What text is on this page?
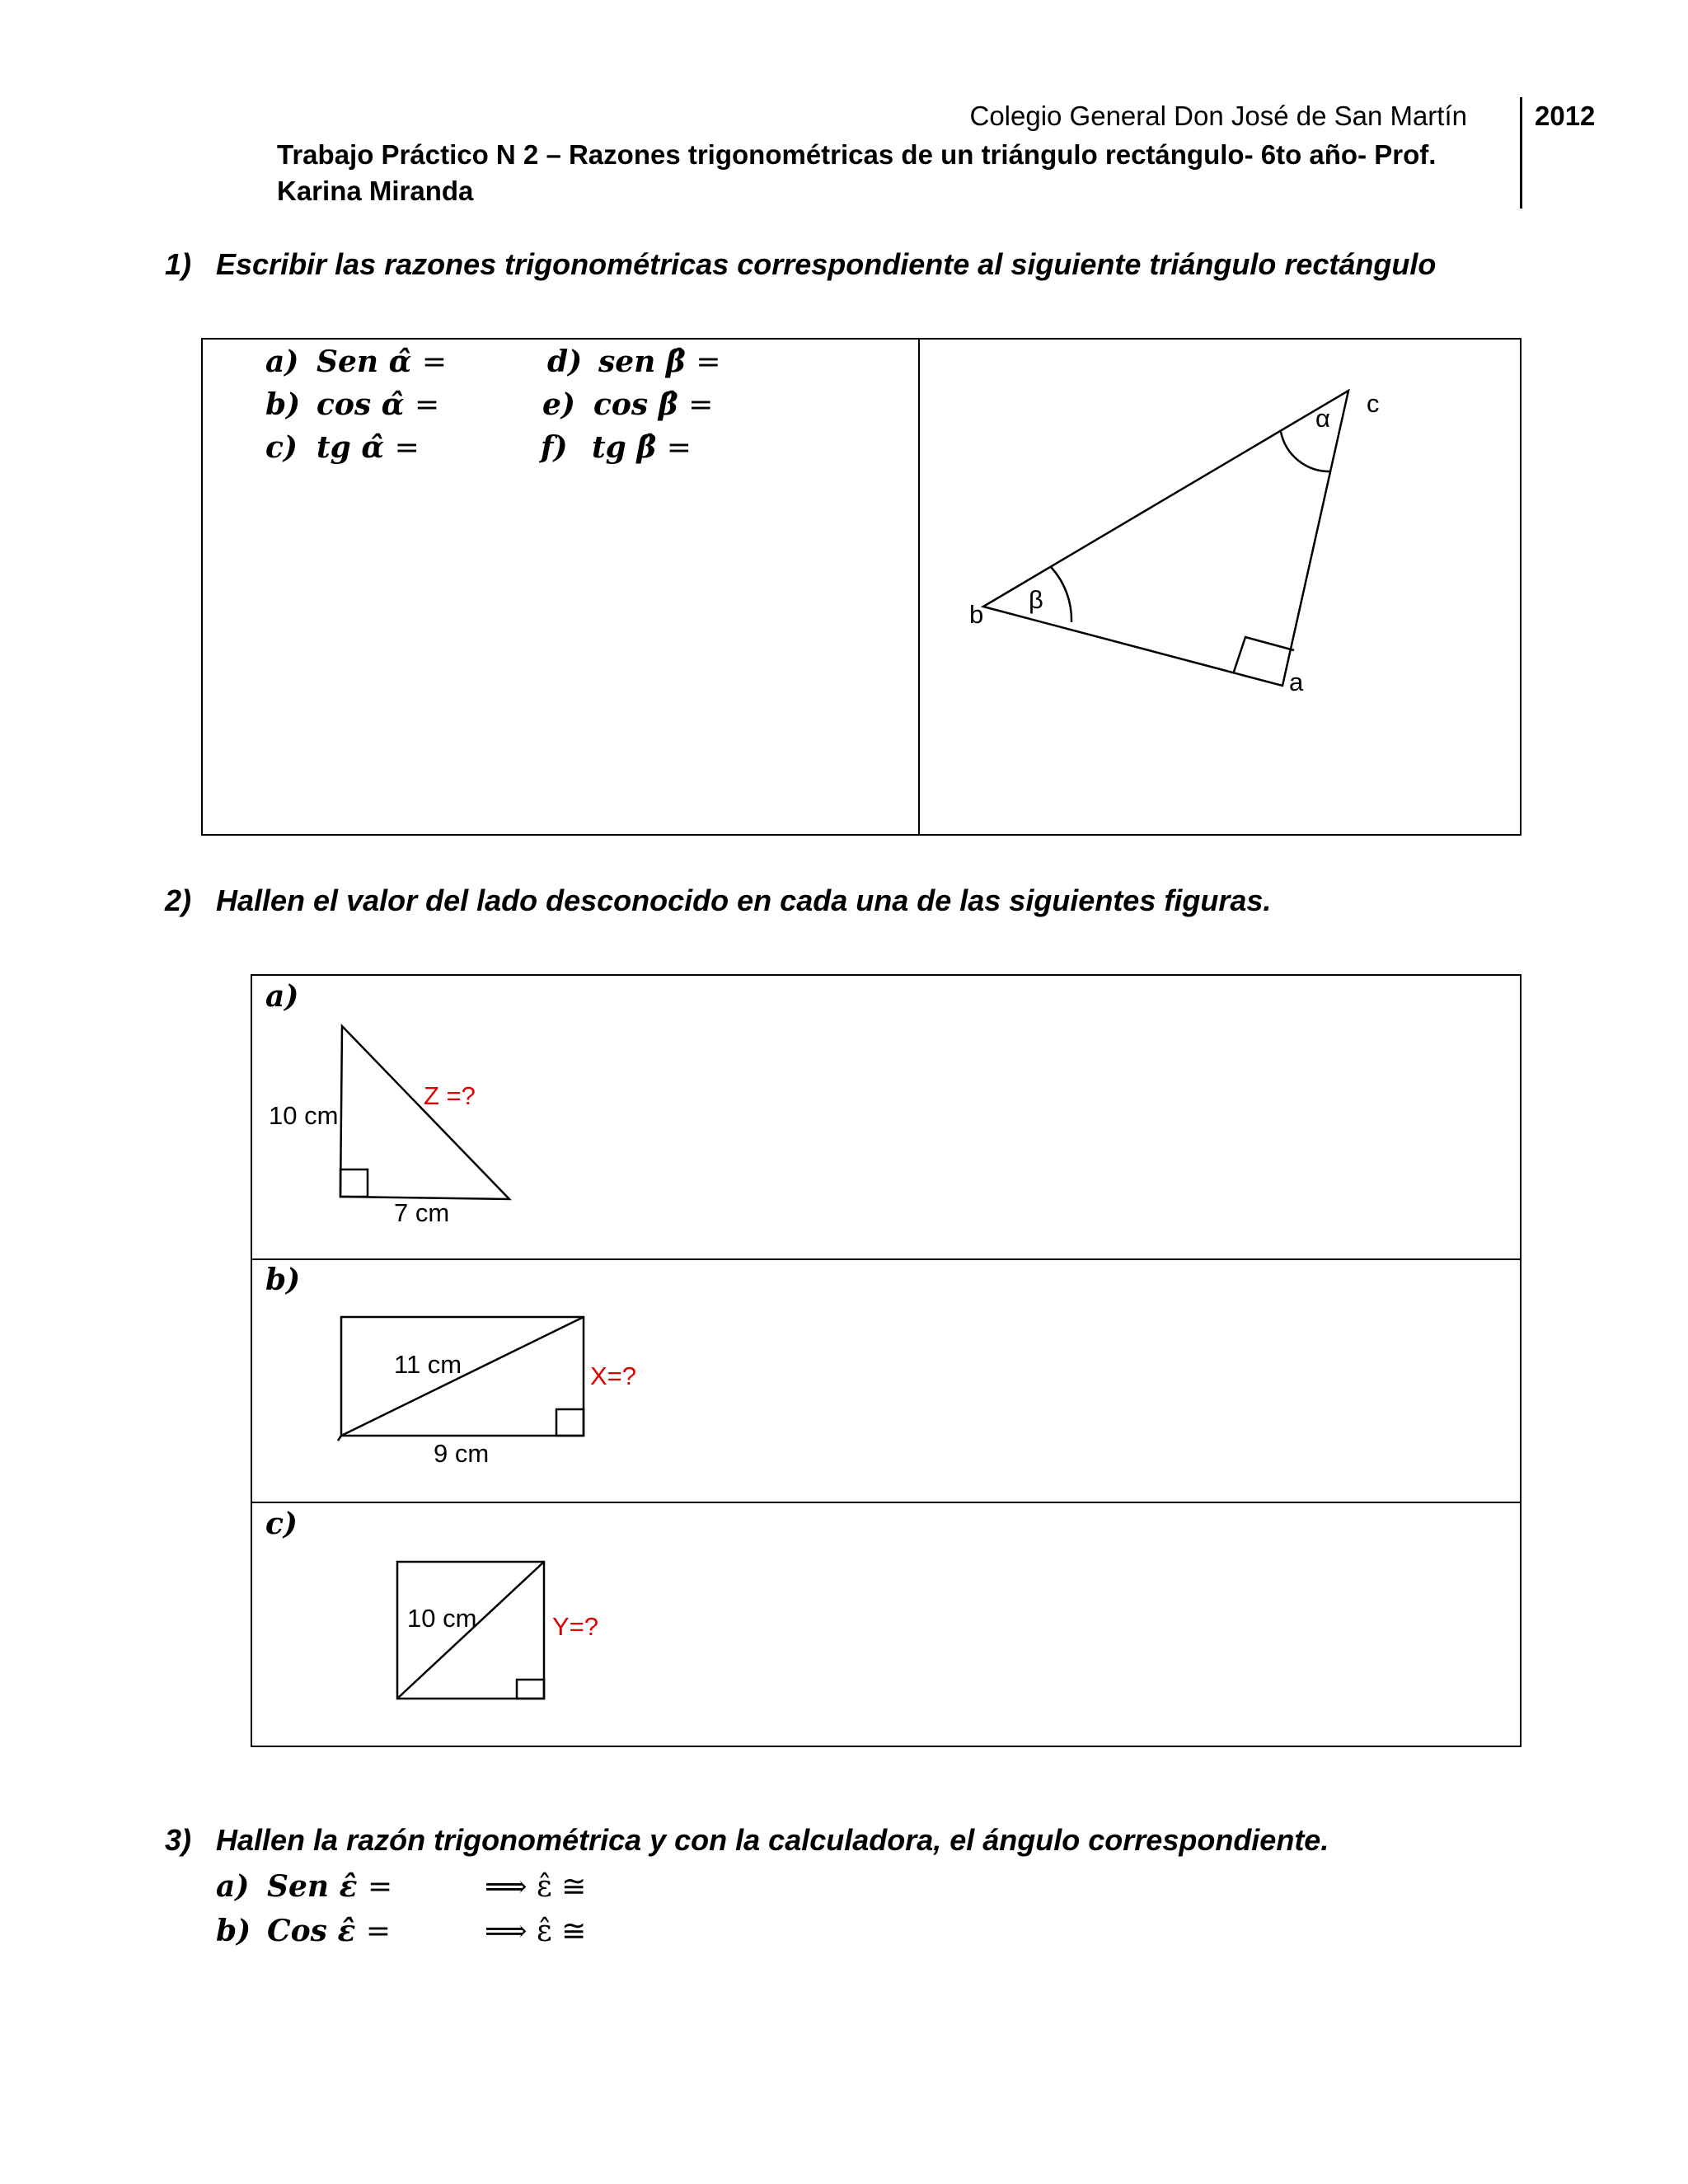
Colegio General Don José de San Martín 2012
Trabajo Práctico N 2 – Razones trigonométricas de un triángulo rectángulo- 6to año- Prof. Karina Miranda
1) Escribir las razones trigonométricas correspondiente al siguiente triángulo rectángulo
a) Sen α̂ =
b) cos α̂ =
c) tg α̂ =
d) sen β̂ =
e) cos β̂ =
f) tg β̂ =
b
a
c
α
β
2) Hallen el valor del lado desconocido en cada una de las siguientes figuras.
a)
b)
c)
10 cm
Z =?
7 cm
11 cm	X=?
9 cm
10 cm	Y=?
3) Hallen la razón trigonométrica y con la calculadora, el ángulo correspondiente.
a) Sen ε̂ =	⟹ ε̂ ≅
b) Cos ε̂ =	⟹ ε̂ ≅
